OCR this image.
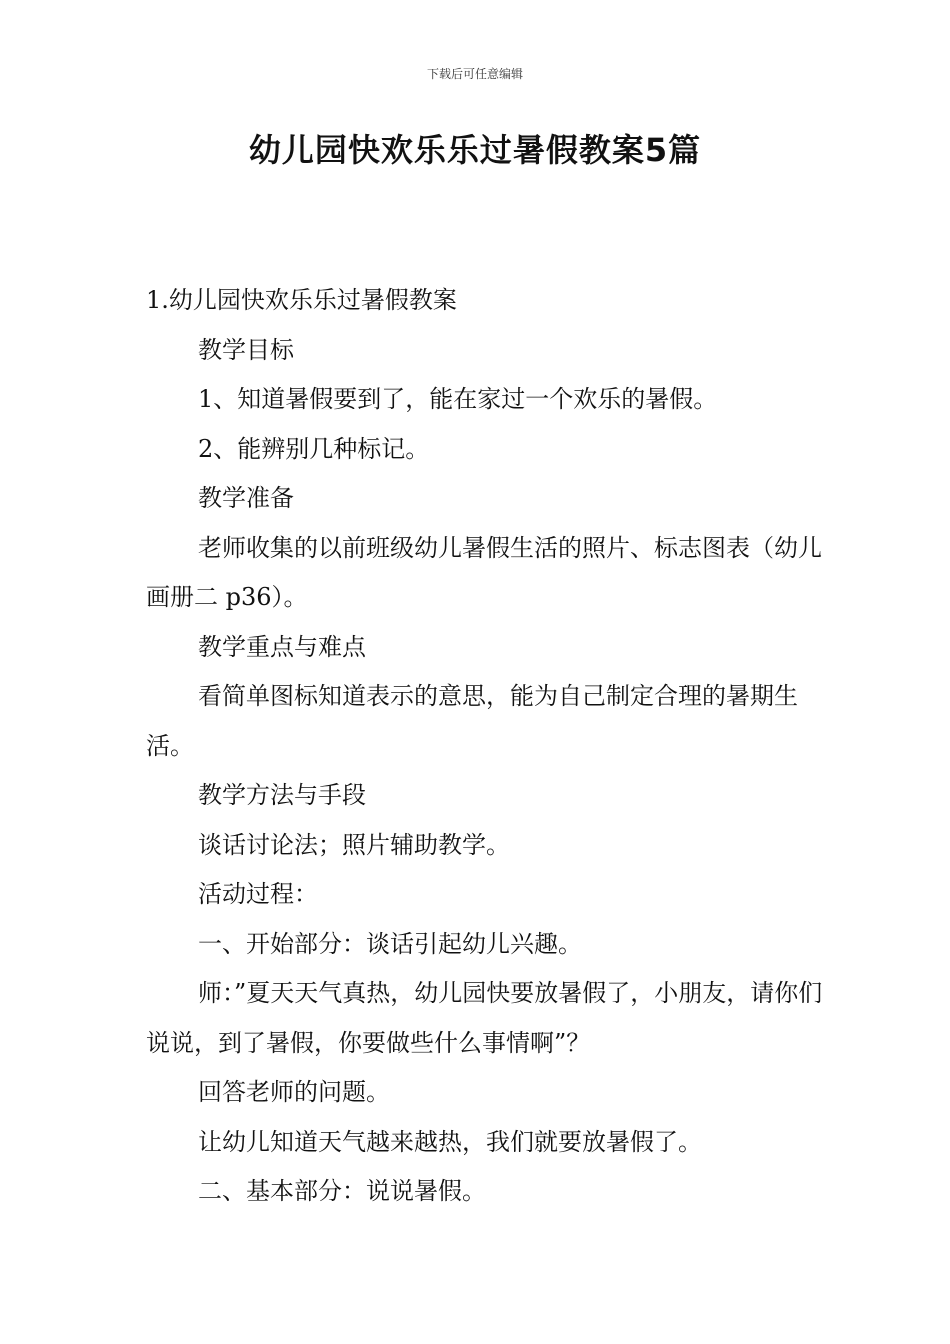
下载后可任意编辑
幼儿园快欢乐乐过暑假教案5篇

1.幼儿园快欢乐乐过暑假教案

教学目标

1、知道暑假要到了，能在家过一个欢乐的暑假。

2、能辨别几种标记。

教学准备

老师收集的以前班级幼儿暑假生活的照片、标志图表（幼儿画册二 p36）。

教学重点与难点

看简单图标知道表示的意思，能为自己制定合理的暑期生活。

教学方法与手段

谈话讨论法；照片辅助教学。

活动过程：

一、开始部分：谈话引起幼儿兴趣。

师：”夏天天气真热，幼儿园快要放暑假了，小朋友，请你们说说，到了暑假，你要做些什么事情啊”？

回答老师的问题。

让幼儿知道天气越来越热，我们就要放暑假了。

二、基本部分：说说暑假。
